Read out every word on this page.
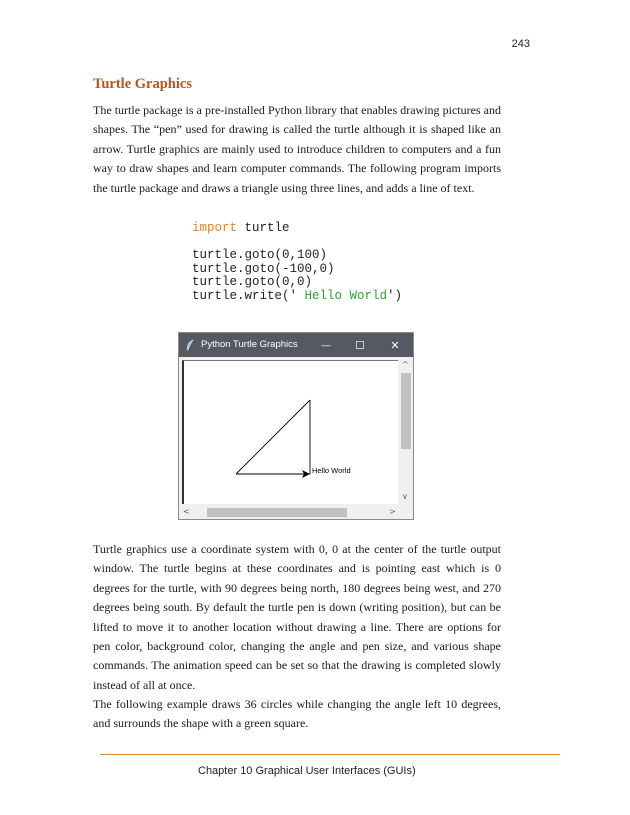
243
Turtle Graphics

The turtle package is a pre-installed Python library that enables drawing pictures and shapes. The “pen” used for drawing is called the turtle although it is shaped like an arrow. Turtle graphics are mainly used to introduce children to computers and a fun way to draw shapes and learn computer commands. The following program imports the turtle package and draws a triangle using three lines, and adds a line of text.

import turtle

turtle.goto(0,100)
turtle.goto(-100,0)
turtle.goto(0,0)
turtle.write(' Hello World')
Python Turtle Graphics	—	☐	✕
Hello World
^
∨
<	>

Turtle graphics use a coordinate system with 0, 0 at the center of the turtle output window. The turtle begins at these coordinates and is pointing east which is 0 degrees for the turtle, with 90 degrees being north, 180 degrees being west, and 270 degrees being south. By default the turtle pen is down (writing position), but can be lifted to move it to another location without drawing a line. There are options for pen color, background color, changing the angle and pen size, and various shape commands. The animation speed can be set so that the drawing is completed slowly instead of all at once.

The following example draws 36 circles while changing the angle left 10 degrees, and surrounds the shape with a green square.

Chapter 10 Graphical User Interfaces (GUIs)
